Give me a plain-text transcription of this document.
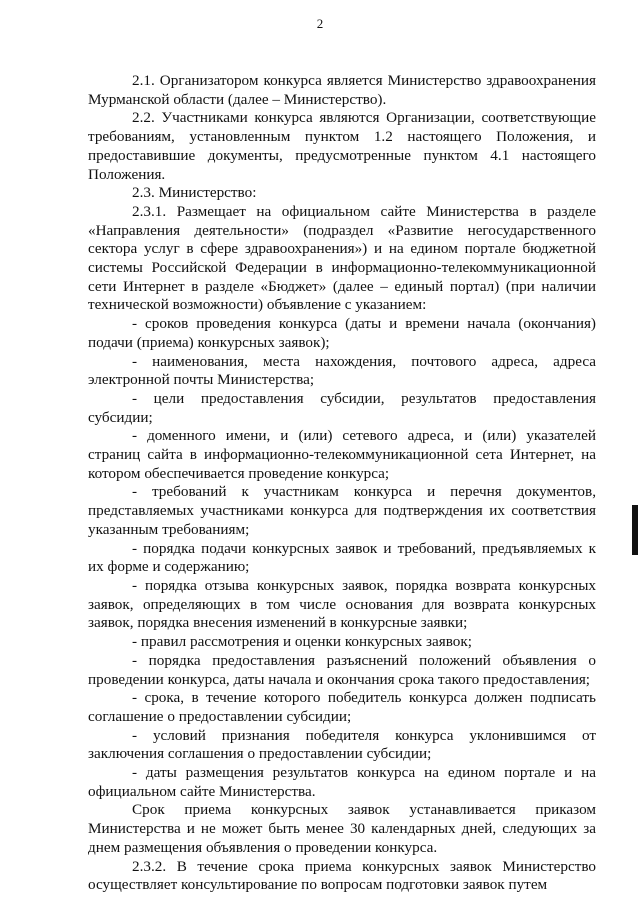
2

2.1. Организатором конкурса является Министерство здравоохранения Мурманской области (далее – Министерство).

2.2. Участниками конкурса являются Организации, соответствующие требованиям, установленным пунктом 1.2 настоящего Положения, и предоставившие документы, предусмотренные пунктом 4.1 настоящего Положения.

2.3. Министерство:

2.3.1. Размещает на официальном сайте Министерства в разделе «Направления деятельности» (подраздел «Развитие негосударственного сектора услуг в сфере здравоохранения») и на едином портале бюджетной системы Российской Федерации в информационно-телекоммуникационной сети Интернет в разделе «Бюджет» (далее – единый портал) (при наличии технической возможности) объявление с указанием:

- сроков проведения конкурса (даты и времени начала (окончания) подачи (приема) конкурсных заявок);

- наименования, места нахождения, почтового адреса, адреса электронной почты Министерства;

- цели предоставления субсидии, результатов предоставления субсидии;

- доменного имени, и (или) сетевого адреса, и (или) указателей страниц сайта в информационно-телекоммуникационной сета Интернет, на котором обеспечивается проведение конкурса;

- требований к участникам конкурса и перечня документов, представляемых участниками конкурса для подтверждения их соответствия указанным требованиям;

- порядка подачи конкурсных заявок и требований, предъявляемых к их форме и содержанию;

- порядка отзыва конкурсных заявок, порядка возврата конкурсных заявок, определяющих в том числе основания для возврата конкурсных заявок, порядка внесения изменений в конкурсные заявки;

- правил рассмотрения и оценки конкурсных заявок;

- порядка предоставления разъяснений положений объявления о проведении конкурса, даты начала и окончания срока такого предоставления;

- срока, в течение которого победитель конкурса должен подписать соглашение о предоставлении субсидии;

- условий признания победителя конкурса уклонившимся от заключения соглашения о предоставлении субсидии;

- даты размещения результатов конкурса на едином портале и на официальном сайте Министерства.

Срок приема конкурсных заявок устанавливается приказом Министерства и не может быть менее 30 календарных дней, следующих за днем размещения объявления о проведении конкурса.

2.3.2. В течение срока приема конкурсных заявок Министерство осуществляет консультирование по вопросам подготовки заявок путем
